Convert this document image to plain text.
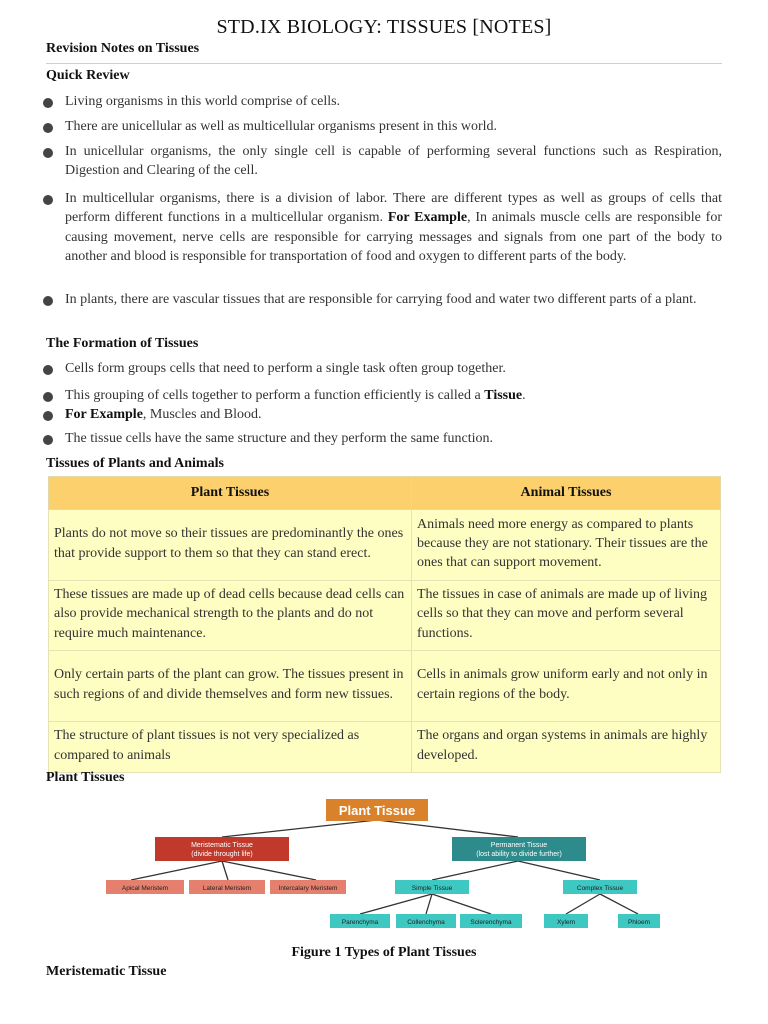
STD.IX BIOLOGY: TISSUES [NOTES]
Revision Notes on Tissues
Quick Review
Living organisms in this world comprise of cells.
There are unicellular as well as multicellular organisms present in this world.
In unicellular organisms, the only single cell is capable of performing several functions such as Respiration, Digestion and Clearing of the cell.
In multicellular organisms, there is a division of labor. There are different types as well as groups of cells that perform different functions in a multicellular organism. For Example, In animals muscle cells are responsible for causing movement, nerve cells are responsible for carrying messages and signals from one part of the body to another and blood is responsible for transportation of food and oxygen to different parts of the body.
In plants, there are vascular tissues that are responsible for carrying food and water two different parts of a plant.
The Formation of Tissues
Cells form groups cells that need to perform a single task often group together.
This grouping of cells together to perform a function efficiently is called a Tissue.
For Example, Muscles and Blood.
The tissue cells have the same structure and they perform the same function.
Tissues of Plants and Animals
Plant Tissues	Animal Tissues
Plants do not move so their tissues are predominantly the ones that provide support to them so that they can stand erect.	Animals need more energy as compared to plants because they are not stationary. Their tissues are the ones that can support movement.
These tissues are made up of dead cells because dead cells can also provide mechanical strength to the plants and do not require much maintenance.	The tissues in case of animals are made up of living cells so that they can move and perform several functions.
Only certain parts of the plant can grow. The tissues present in such regions of and divide themselves and form new tissues.	Cells in animals grow uniform early and not only in certain regions of the body.
The structure of plant tissues is not very specialized as compared to animals	The organs and organ systems in animals are highly developed.
Plant Tissues
Plant Tissue
Meristematic Tissue
(divide throught life)
Permanent Tissue
(lost ability to divide further)
Apical Meristem	Lateral Meristem	Intercalary Meristem	Simple Tissue	Complex Tissue
Parenchyma	Collenchyma	Sclerenchyma	Xylem	Phloem
Figure 1 Types of Plant Tissues
Meristematic Tissue
